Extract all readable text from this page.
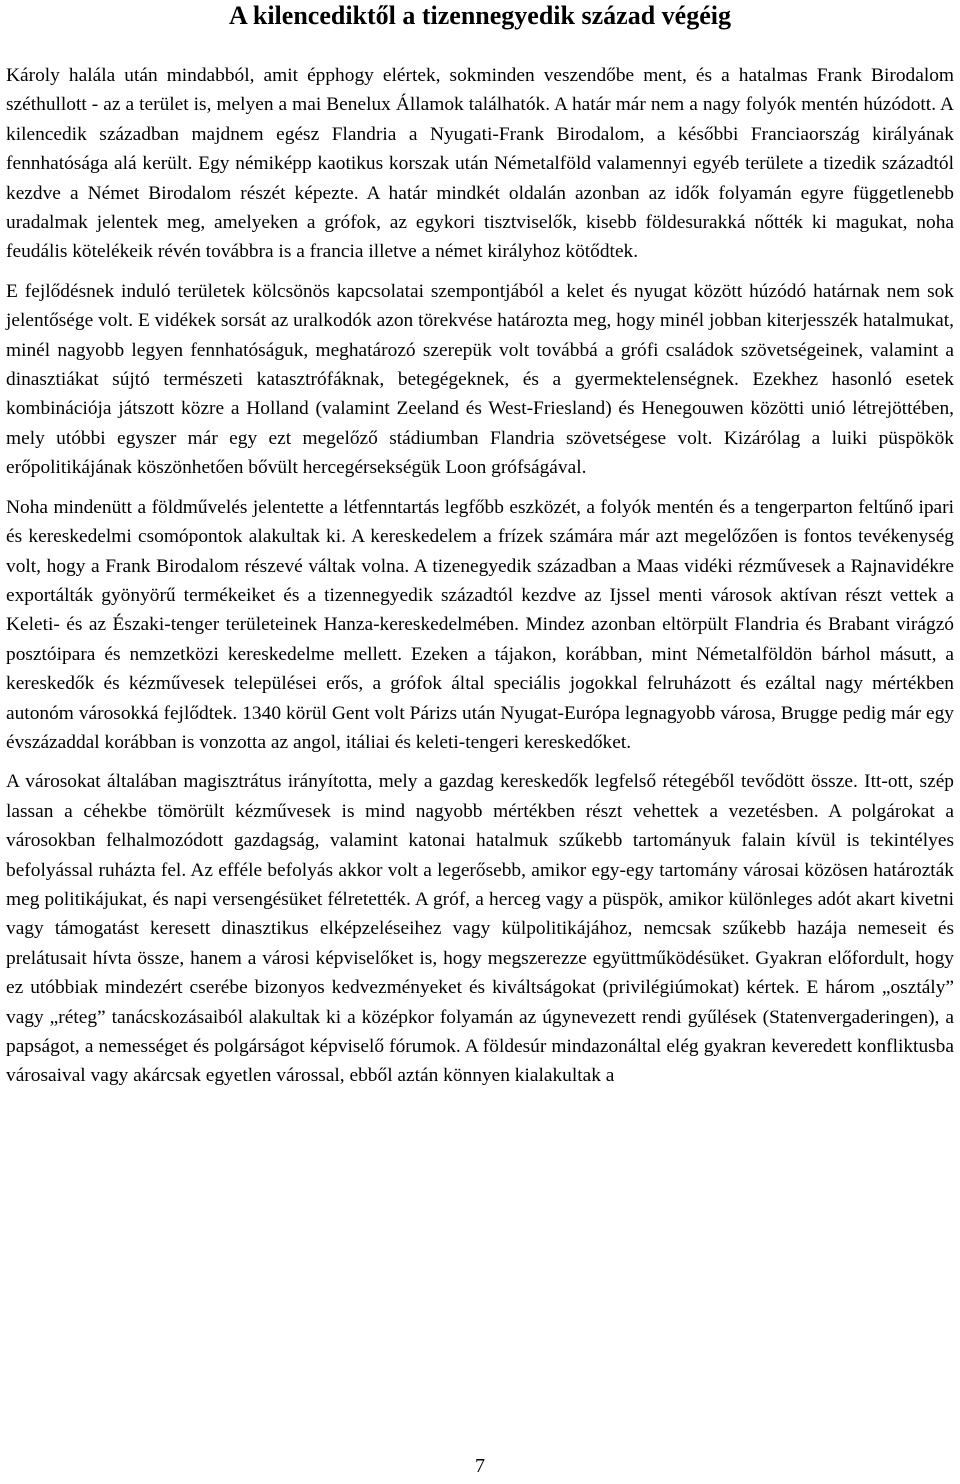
A kilencediktől a tizennegyedik század végéig

Károly halála után mindabból, amit épphogy elértek, sokminden veszendőbe ment, és a hatalmas Frank Birodalom széthullott - az a terület is, melyen a mai Benelux Államok találhatók. A határ már nem a nagy folyók mentén húzódott. A kilencedik században majdnem egész Flandria a Nyugati-Frank Birodalom, a későbbi Franciaország királyának fennhatósága alá került. Egy némiképp kaotikus korszak után Németalföld valamennyi egyéb területe a tizedik századtól kezdve a Német Birodalom részét képezte. A határ mindkét oldalán azonban az idők folyamán egyre függetlenebb uradalmak jelentek meg, amelyeken a grófok, az egykori tisztviselők, kisebb földesurakká nőtték ki magukat, noha feudális kötelékeik révén továbbra is a francia illetve a német királyhoz kötődtek.

E fejlődésnek induló területek kölcsönös kapcsolatai szempontjából a kelet és nyugat között húzódó határnak nem sok jelentősége volt. E vidékek sorsát az uralkodók azon törekvése határozta meg, hogy minél jobban kiterjesszék hatalmukat, minél nagyobb legyen fennhatóságuk, meghatározó szerepük volt továbbá a grófi családok szövetségeinek, valamint a dinasztiákat sújtó természeti katasztrófáknak, betegégeknek, és a gyermektelenségnek. Ezekhez hasonló esetek kombinációja játszott közre a Holland (valamint Zeeland és West-Friesland) és Henegouwen közötti unió létrejöttében, mely utóbbi egyszer már egy ezt megelőző stádiumban Flandria szövetségese volt. Kizárólag a luiki püspökök erőpolitikájának köszönhetően bővült hercegérsekségük Loon grófságával.

Noha mindenütt a földművelés jelentette a létfenntartás legfőbb eszközét, a folyók mentén és a tengerparton feltűnő ipari és kereskedelmi csomópontok alakultak ki. A kereskedelem a frízek számára már azt megelőzően is fontos tevékenység volt, hogy a Frank Birodalom részevé váltak volna. A tizenegyedik században a Maas vidéki rézművesek a Rajnavidékre exportálták gyönyörű termékeiket és a tizennegyedik századtól kezdve az Ijssel menti városok aktívan részt vettek a Keleti- és az Északi-tenger területeinek Hanza-kereskedelmében. Mindez azonban eltörpült Flandria és Brabant virágzó posztóipara és nemzetközi kereskedelme mellett. Ezeken a tájakon, korábban, mint Németalföldön bárhol másutt, a kereskedők és kézművesek települései erős, a grófok által speciális jogokkal felruházott és ezáltal nagy mértékben autonóm városokká fejlődtek. 1340 körül Gent volt Párizs után Nyugat-Európa legnagyobb városa, Brugge pedig már egy évszázaddal korábban is vonzotta az angol, itáliai és keleti-tengeri kereskedőket.

A városokat általában magisztrátus irányította, mely a gazdag kereskedők legfelső rétegéből tevődött össze. Itt-ott, szép lassan a céhekbe tömörült kézművesek is mind nagyobb mértékben részt vehettek a vezetésben. A polgárokat a városokban felhalmozódott gazdagság, valamint katonai hatalmuk szűkebb tartományuk falain kívül is tekintélyes befolyással ruházta fel. Az efféle befolyás akkor volt a legerősebb, amikor egy-egy tartomány városai közösen határozták meg politikájukat, és napi versengésüket félretették. A gróf, a herceg vagy a püspök, amikor különleges adót akart kivetni vagy támogatást keresett dinasztikus elképzeléseihez vagy külpolitikájához, nemcsak szűkebb hazája nemeseit és prelátusait hívta össze, hanem a városi képviselőket is, hogy megszerezze együttműködésüket. Gyakran előfordult, hogy ez utóbbiak mindezért cserébe bizonyos kedvezményeket és kiváltságokat (privilégiúmokat) kértek. E három „osztály” vagy „réteg” tanácskozásaiból alakultak ki a középkor folyamán az úgynevezett rendi gyűlések (Statenvergaderingen), a papságot, a nemességet és polgárságot képviselő fórumok. A földesúr mindazonáltal elég gyakran keveredett konfliktusba városaival vagy akárcsak egyetlen várossal, ebből aztán könnyen kialakultak a

7
